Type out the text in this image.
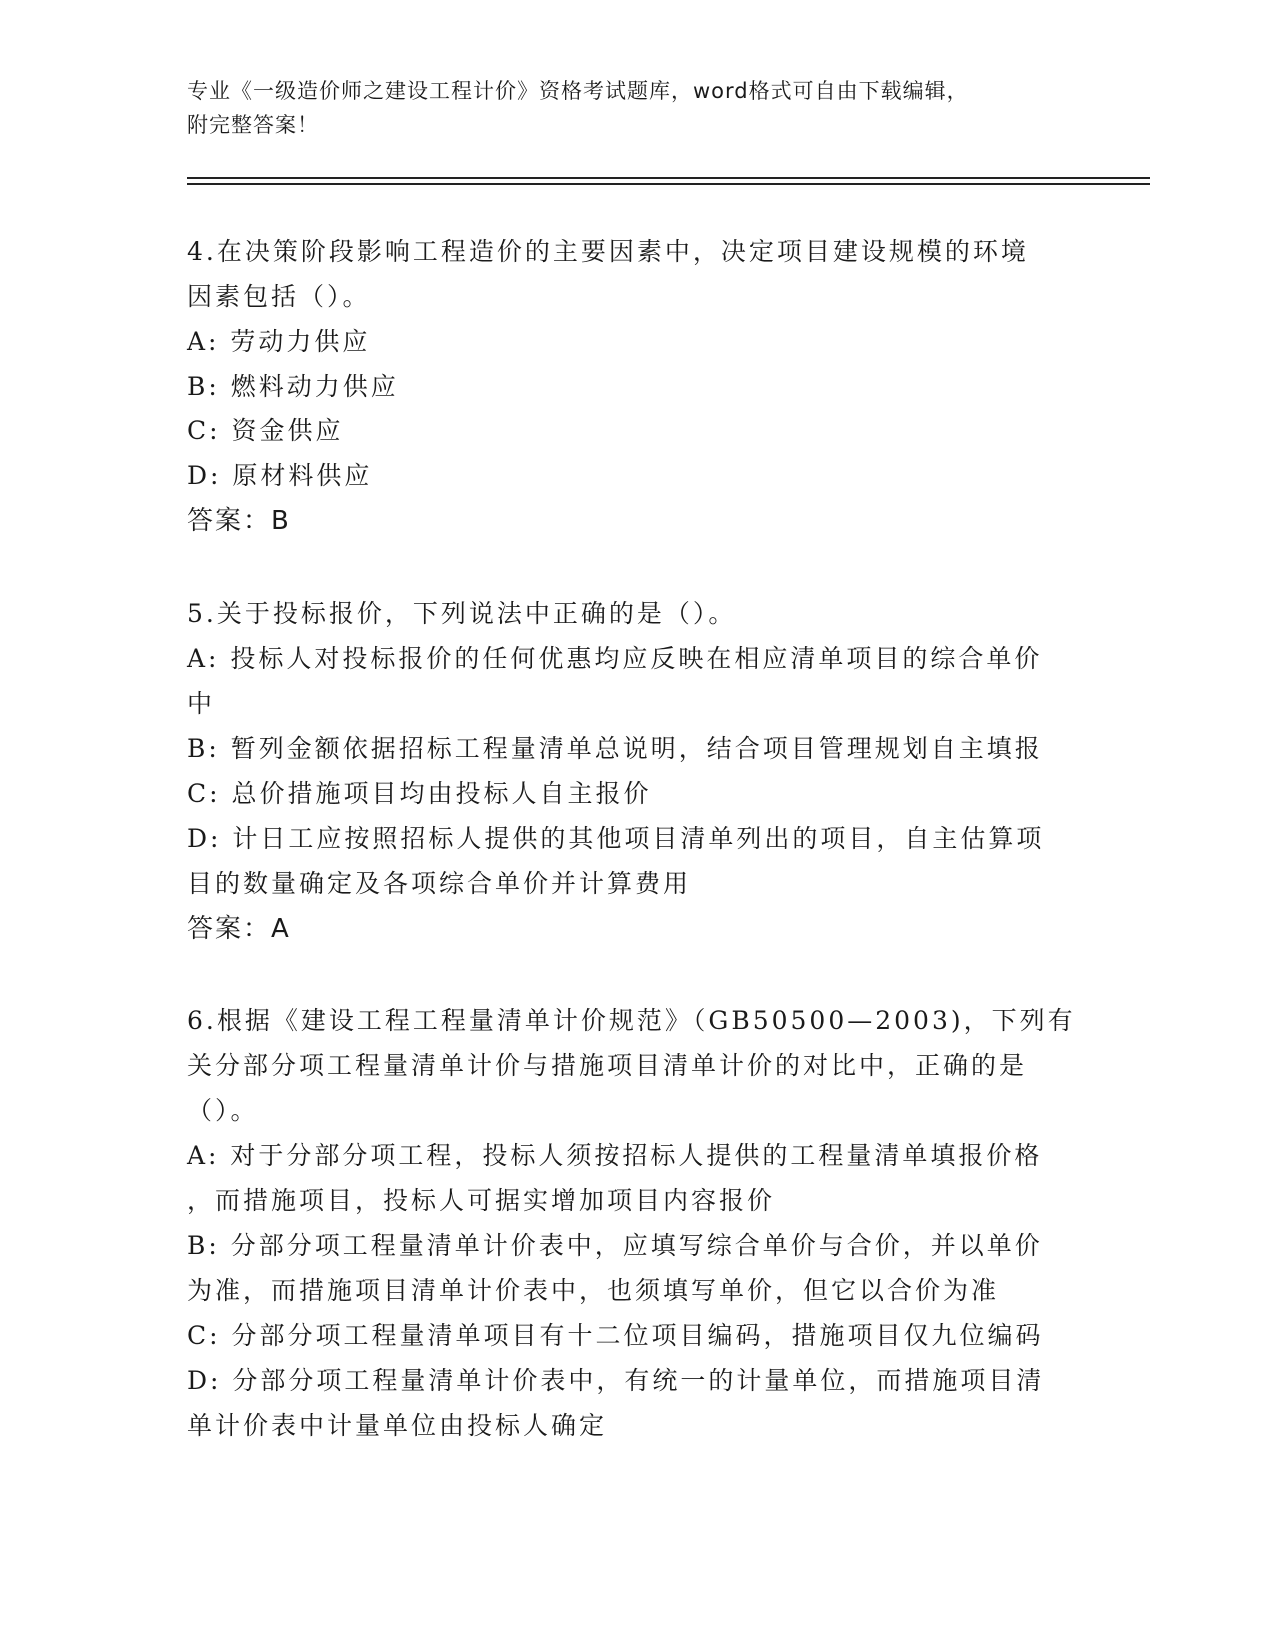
专业《一级造价师之建设工程计价》资格考试题库，word格式可自由下载编辑，
附完整答案！
4.在决策阶段影响工程造价的主要因素中，决定项目建设规模的环境
因素包括（）。
A: 劳动力供应
B: 燃料动力供应
C: 资金供应
D: 原材料供应
答案：B
5.关于投标报价，下列说法中正确的是（）。
A: 投标人对投标报价的任何优惠均应反映在相应清单项目的综合单价
中
B: 暂列金额依据招标工程量清单总说明，结合项目管理规划自主填报
C: 总价措施项目均由投标人自主报价
D: 计日工应按照招标人提供的其他项目清单列出的项目，自主估算项
目的数量确定及各项综合单价并计算费用
答案：A
6.根据《建设工程工程量清单计价规范》（GB50500—2003)，下列有
关分部分项工程量清单计价与措施项目清单计价的对比中，正确的是
（）。
A: 对于分部分项工程，投标人须按招标人提供的工程量清单填报价格
，而措施项目，投标人可据实增加项目内容报价
B: 分部分项工程量清单计价表中，应填写综合单价与合价，并以单价
为准，而措施项目清单计价表中，也须填写单价，但它以合价为准
C: 分部分项工程量清单项目有十二位项目编码，措施项目仅九位编码
D: 分部分项工程量清单计价表中，有统一的计量单位，而措施项目清
单计价表中计量单位由投标人确定
